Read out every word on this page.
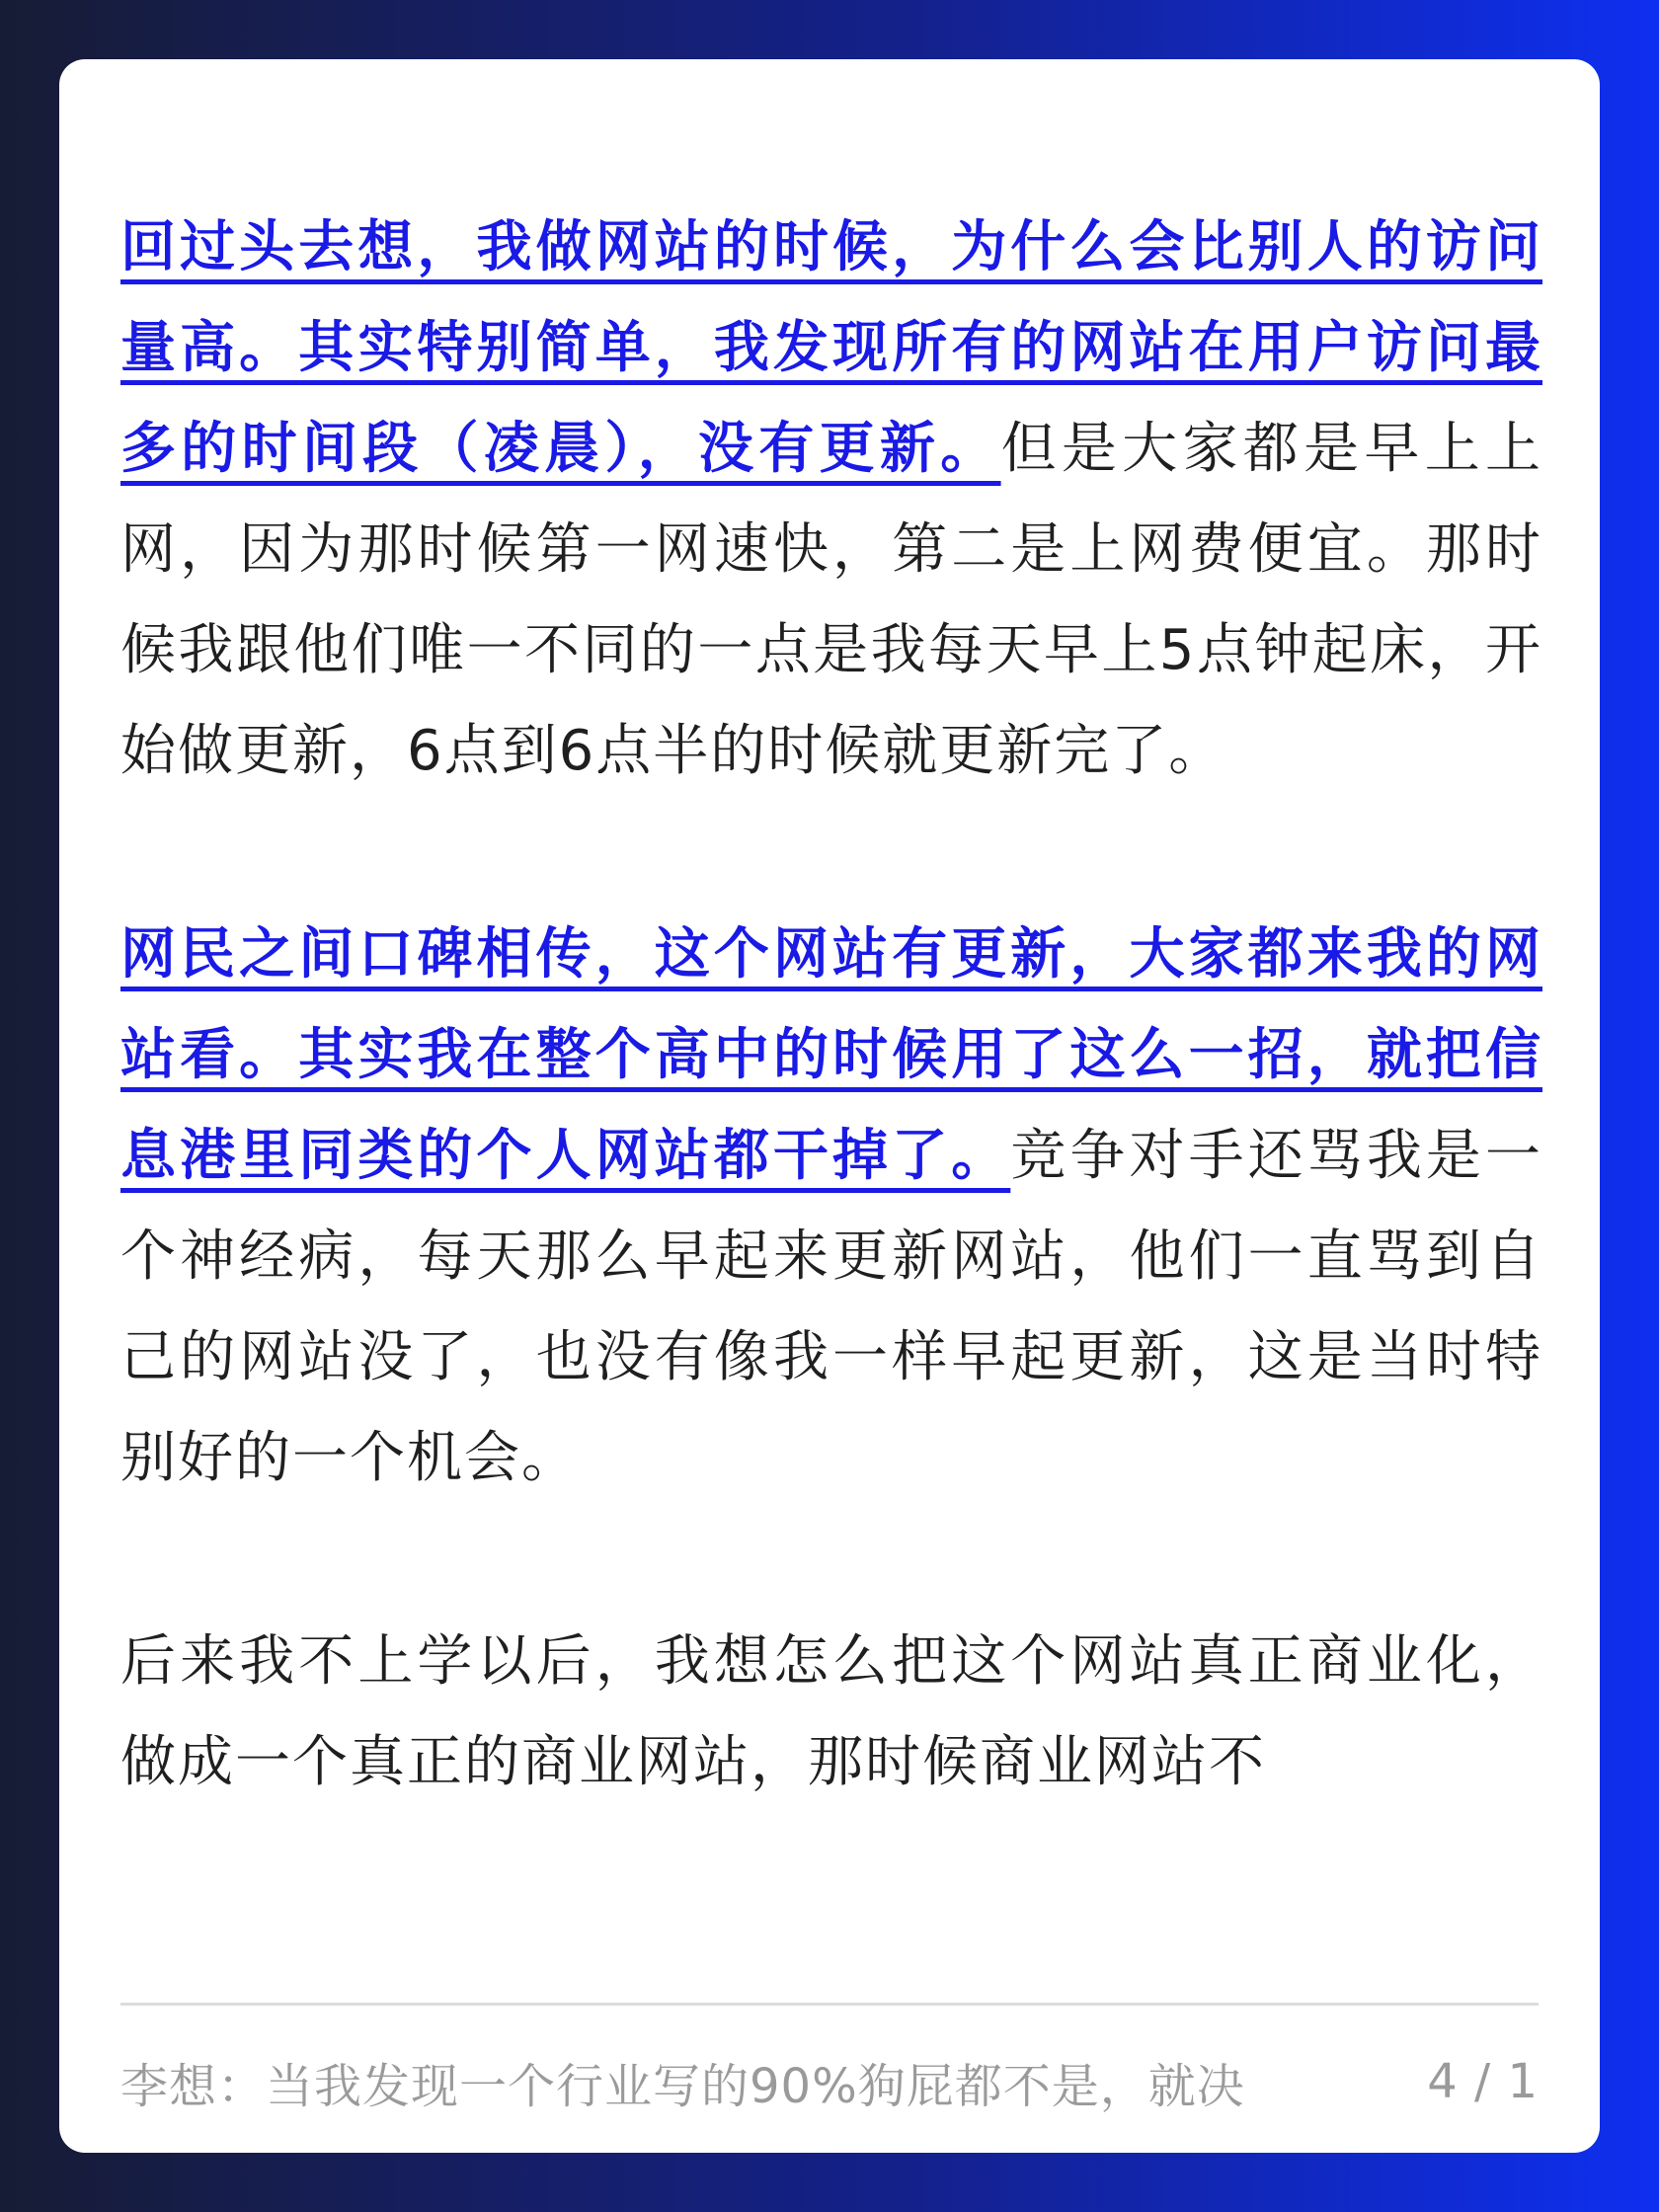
回过头去想，我做网站的时候，为什么会比别人的访问量高。其实特别简单，我发现所有的网站在用户访问最多的时间段（凌晨），没有更新。但是大家都是早上上网，因为那时候第一网速快，第二是上网费便宜。那时候我跟他们唯一不同的一点是我每天早上5点钟起床，开始做更新，6点到6点半的时候就更新完了。

网民之间口碑相传，这个网站有更新，大家都来我的网站看。其实我在整个高中的时候用了这么一招，就把信息港里同类的个人网站都干掉了。竞争对手还骂我是一个神经病，每天那么早起来更新网站，他们一直骂到自己的网站没了，也没有像我一样早起更新，这是当时特别好的一个机会。

后来我不上学以后，我想怎么把这个网站真正商业化，做成一个真正的商业网站，那时候商业网站不

李想：当我发现一个行业写的90%狗屁都不是，就决	4 / 1
